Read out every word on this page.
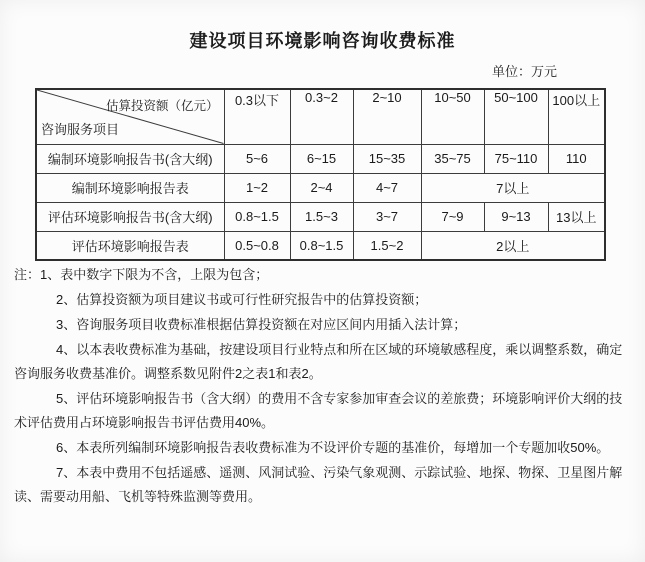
建设项目环境影响咨询收费标准
单位：万元
估算投资额（亿元）
咨询服务项目	0.3以下	0.3~2	2~10	10~50	50~100	100以上
编制环境影响报告书(含大纲)	5~6	6~15	15~35	35~75	75~110	110
编制环境影响报告表	1~2	2~4	4~7	7以上		
评估环境影响报告书(含大纲)	0.8~1.5	1.5~3	3~7	7~9	9~13	13以上
评估环境影响报告表	0.5~0.8	0.8~1.5	1.5~2	2以上		

注：1、表中数字下限为不含，上限为包含；

2、估算投资额为项目建议书或可行性研究报告中的估算投资额；

3、咨询服务项目收费标准根据估算投资额在对应区间内用插入法计算；

4、以本表收费标准为基础，按建设项目行业特点和所在区域的环境敏感程度，乘以调整系数，确定咨询服务收费基准价。调整系数见附件2之表1和表2。

5、评估环境影响报告书（含大纲）的费用不含专家参加审查会议的差旅费；环境影响评价大纲的技术评估费用占环境影响报告书评估费用40%。

6、本表所列编制环境影响报告表收费标准为不设评价专题的基准价，每增加一个专题加收50%。

7、本表中费用不包括遥感、遥测、风洞试验、污染气象观测、示踪试验、地探、物探、卫星图片解读、需要动用船、飞机等特殊监测等费用。
